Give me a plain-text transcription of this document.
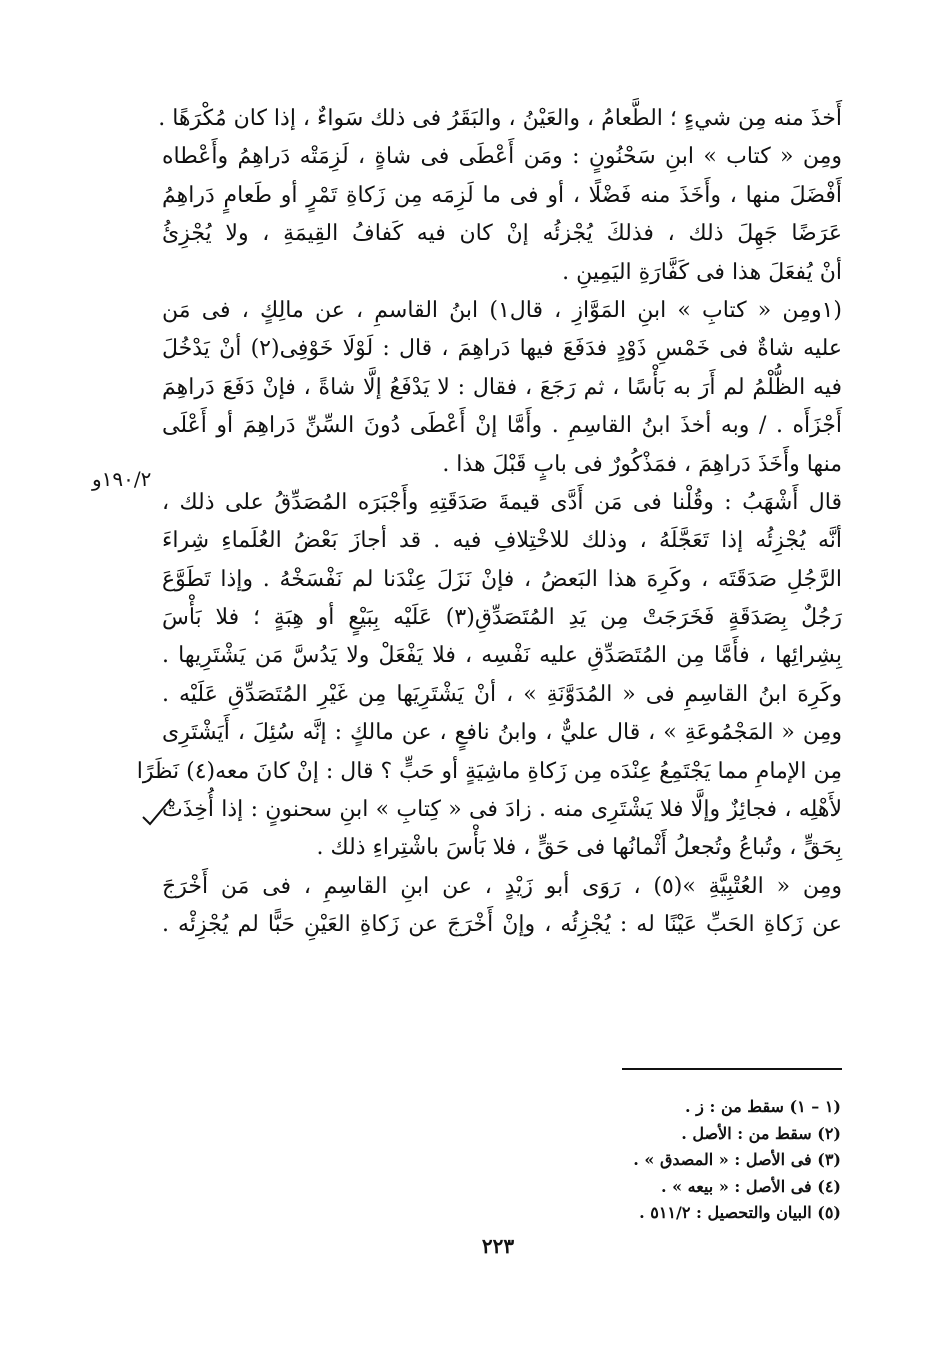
أَخذَ منه مِن شيءٍ ؛ الطَّعامُ ، والعَيْنُ ، والبَقَرُ فى ذلك سَواءٌ ، إذا كان مُكْرَهًا .
ومِن « كتاب » ابنِ سَحْنُونٍ : ومَن أَعْطَى فى شاةٍ ، لَزِمَتْه دَراهِمُ وأَعْطاه
أَفْضَلَ منها ، وأَخَذَ منه فَضْلًا ، أو فى ما لَزِمَه مِن زَكاةِ تَمْرٍ أو طَعامٍ دَراهِمُ
عَرَضًا جَهِلَ ذلك ، فذلكَ يُجْزئُه إنْ كان فيه كَفافُ القِيمَةِ ، ولا يُجْزِئُ
أنْ يُفعَلَ هذا فى كَفَّارَةِ اليَمِينِ .
(١ومِن « كتابِ » ابنِ المَوَّازِ ، قال١) ابنُ القاسمِ ، عن مالِكٍ ، فى مَن
عليه شاةٌ فى خَمْسِ ذَوْدٍ فدَفَعَ فيها دَراهِمَ ، قال : لَوْلَا خَوْفِى(٢) أنْ يَدْخُلَ
فيه الظُّلْمُ لم أَرَ به بَأْسًا ، ثم رَجَعَ ، فقال : لا يَدْفَعُ إلَّا شاةً ، فإنْ دَفَعَ دَراهِمَ
أَجْزَأَه . / وبه أخذَ ابنُ القاسِمِ . وأَمَّا إنْ أَعْطَى دُونَ السِّنِّ دَراهِمَ أو أَعْلَى
منها وأَخَذَ دَراهِمَ ، فمَذْكُورٌ فى بابٍ قَبْلَ هذا .
قال أَشْهَبُ : وقُلْنا فى مَن أَدَّى قيمةَ صَدَقَتِهِ وأَجْبَرَه المُصَدِّقُ على ذلك ،
أنَّه يُجْزِئُه إذا تَعَجَّلَهُ ، وذلك للاخْتِلافِ فيه . قد أجازَ بَعْضُ العُلَماءِ شِراءَ
الرَّجُلِ صَدَقَتَه ، وكَرِهَ هذا البَعضُ ، فإنْ نَزَلَ عِنْدَنا لم نَفْسَخْهُ . وإذا تَطَوَّعَ
رَجُلٌ بِصَدَقَةٍ فَخَرَجَتْ مِن يَدِ المُتَصَدِّقِ(٣) عَلَيْه بِبَيْعٍ أو هِبَةٍ ؛ فلا بَأْسَ
بِشِرائِها ، فأَمَّا مِن المُتَصَدِّقِ عليه نَفْسِه ، فلا يَفْعَلْ ولا يَدُسَّ مَن يَشْتَرِيها .
وكَرِهَ ابنُ القاسِمِ فى « المُدَوَّنَةِ » ، أنْ يَشْتَرِيَها مِن غَيْرِ المُتَصَدِّقِ عَلَيْه .
ومِن « المَجْمُوعَةِ » ، قال عليٌّ ، وابنُ نافعٍ ، عن مالكٍ : إنَّه سُئِلَ ، أَيَشْتَرِى
مِن الإمامِ مما يَجْتَمِعُ عِنْدَه مِن زَكاةِ ماشِيَةٍ أو حَبٍّ ؟ قال : إنْ كانَ معه(٤) نَظَرًا
لأَهْلِه ، فجائِزٌ وإلَّا فلا يَشْتَرِى منه . زادَ فى « كِتابِ » ابنِ سحنونٍ : إذا أُخِذَتْ
بِحَقٍّ ، وتُباعُ وتُجعلُ أَثْمانُها فى حَقٍّ ، فلا بَأْسَ باشْتِراءِ ذلك .
ومِن « العُتْبِيَّةِ »(٥) ، رَوَى أبو زَيْدٍ ، عن ابنِ القاسِمِ ، فى مَن أَخْرَجَ
عن زَكاةِ الحَبِّ عَيْنًا له : يُجْزِئُه ، وإنْ أَخْرَجَ عن زَكاةِ العَيْنِ حَبًّا لم يُجْزِئْه .
١٩٠/٢و
(١ – ١) سقط من : ز .
(٢) سقط من : الأصل .
(٣) فى الأصل : « المصدق » .
(٤) فى الأصل : « بيعه » .
(٥) البيان والتحصيل : ٥١١/٢ .
٢٢٣
